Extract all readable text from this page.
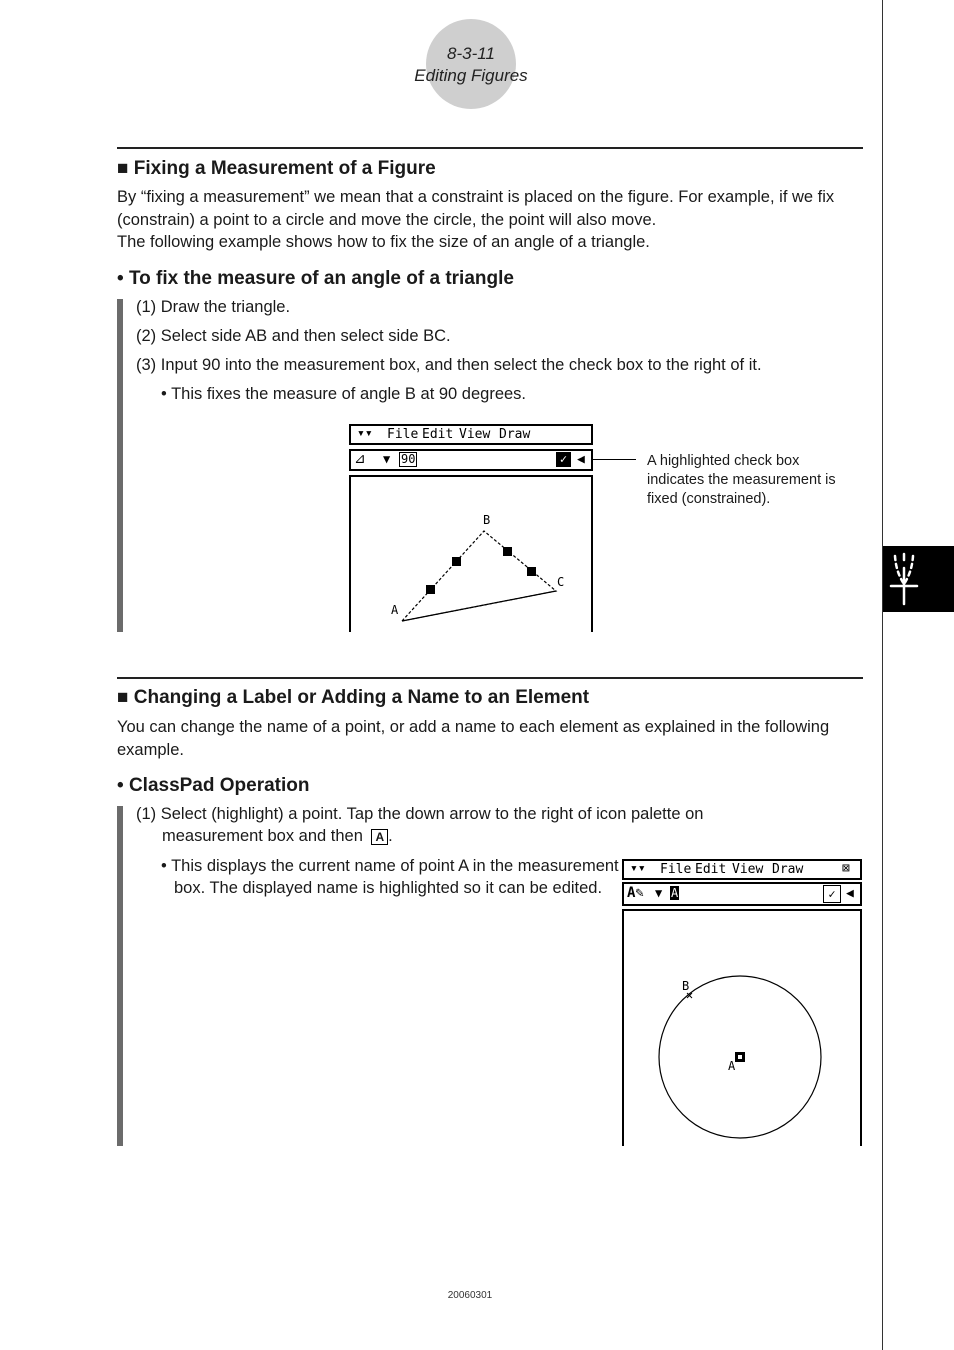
8-3-11
Editing Figures
■ Fixing a Measurement of a Figure
By “fixing a measurement” we mean that a constraint is placed on the figure. For example, if we fix (constrain) a point to a circle and move the circle, the point will also move.
The following example shows how to fix the size of an angle of a triangle.
• To fix the measure of an angle of a triangle
(1) Draw the triangle.
(2) Select side AB and then select side BC.
(3) Input 90 into the measurement box, and then select the check box to the right of it.
• This fixes the measure of angle B at 90 degrees.
▾▾ File Edit View Draw
⊿ ▼ 90	✓ ◀
B
C
A
A highlighted check box indicates the measurement is fixed (constrained).
■ Changing a Label or Adding a Name to an Element
You can change the name of a point, or add a name to each element as explained in the following example.
• ClassPad Operation
(1) Select (highlight) a point. Tap the down arrow to the right of icon palette on
measurement box and then A .
• This displays the current name of point A in the measurement box. The displayed name is highlighted so it can be edited.
▾▾ File Edit View Draw	⊠
A✎ ▼ A	✓ ◀
B
A
20060301
